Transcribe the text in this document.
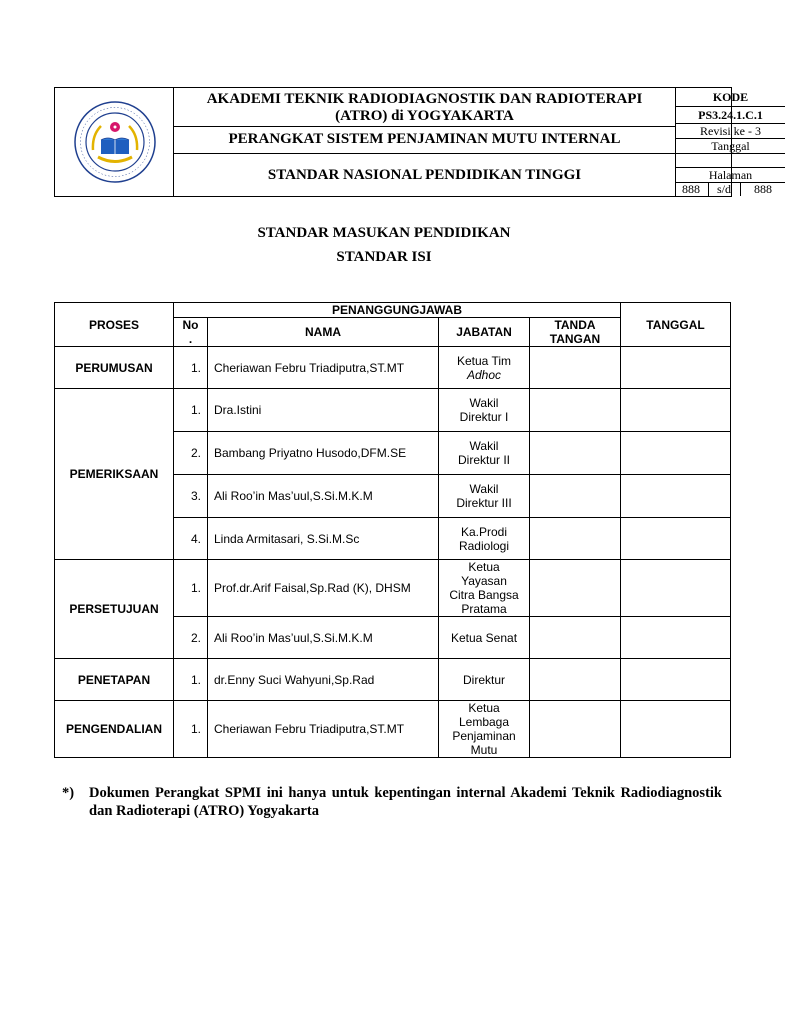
AKADEMI TEKNIK RADIODIAGNOSTIK DAN RADIOTERAPI
(ATRO) di YOGYAKARTA
PERANGKAT SISTEM PENJAMINAN MUTU INTERNAL
STANDAR NASIONAL PENDIDIKAN TINGGI
KODE
PS3.24.1.C.1
Revisi ke - 3
Tanggal
Halaman
888	s/d	888
STANDAR MASUKAN PENDIDIKAN
STANDAR ISI
PROSES	PENANGGUNGJAWAB				TANGGAL
	No
.	NAMA	JABATAN	TANDA
TANGAN	
PERUMUSAN	1.	Cheriawan Febru Triadiputra,ST.MT	Ketua Tim
Adhoc		
PEMERIKSAAN	1.	Dra.Istini	Wakil
Direktur I		
	2.	Bambang Priyatno Husodo,DFM.SE	Wakil
Direktur II		
	3.	Ali Roo’in Mas’uul,S.Si.M.K.M	Wakil
Direktur III		
	4.	Linda Armitasari, S.Si.M.Sc	Ka.Prodi
Radiologi		
PERSETUJUAN	1.	Prof.dr.Arif Faisal,Sp.Rad (K), DHSM	Ketua
Yayasan
Citra Bangsa
Pratama		
	2.	Ali Roo’in Mas’uul,S.Si.M.K.M	Ketua Senat		
PENETAPAN	1.	dr.Enny Suci Wahyuni,Sp.Rad	Direktur		
PENGENDALIAN	1.	Cheriawan Febru Triadiputra,ST.MT	Ketua
Lembaga
Penjaminan
Mutu		
*) Dokumen Perangkat SPMI ini hanya untuk kepentingan internal Akademi Teknik Radiodiagnostik dan Radioterapi (ATRO) Yogyakarta
